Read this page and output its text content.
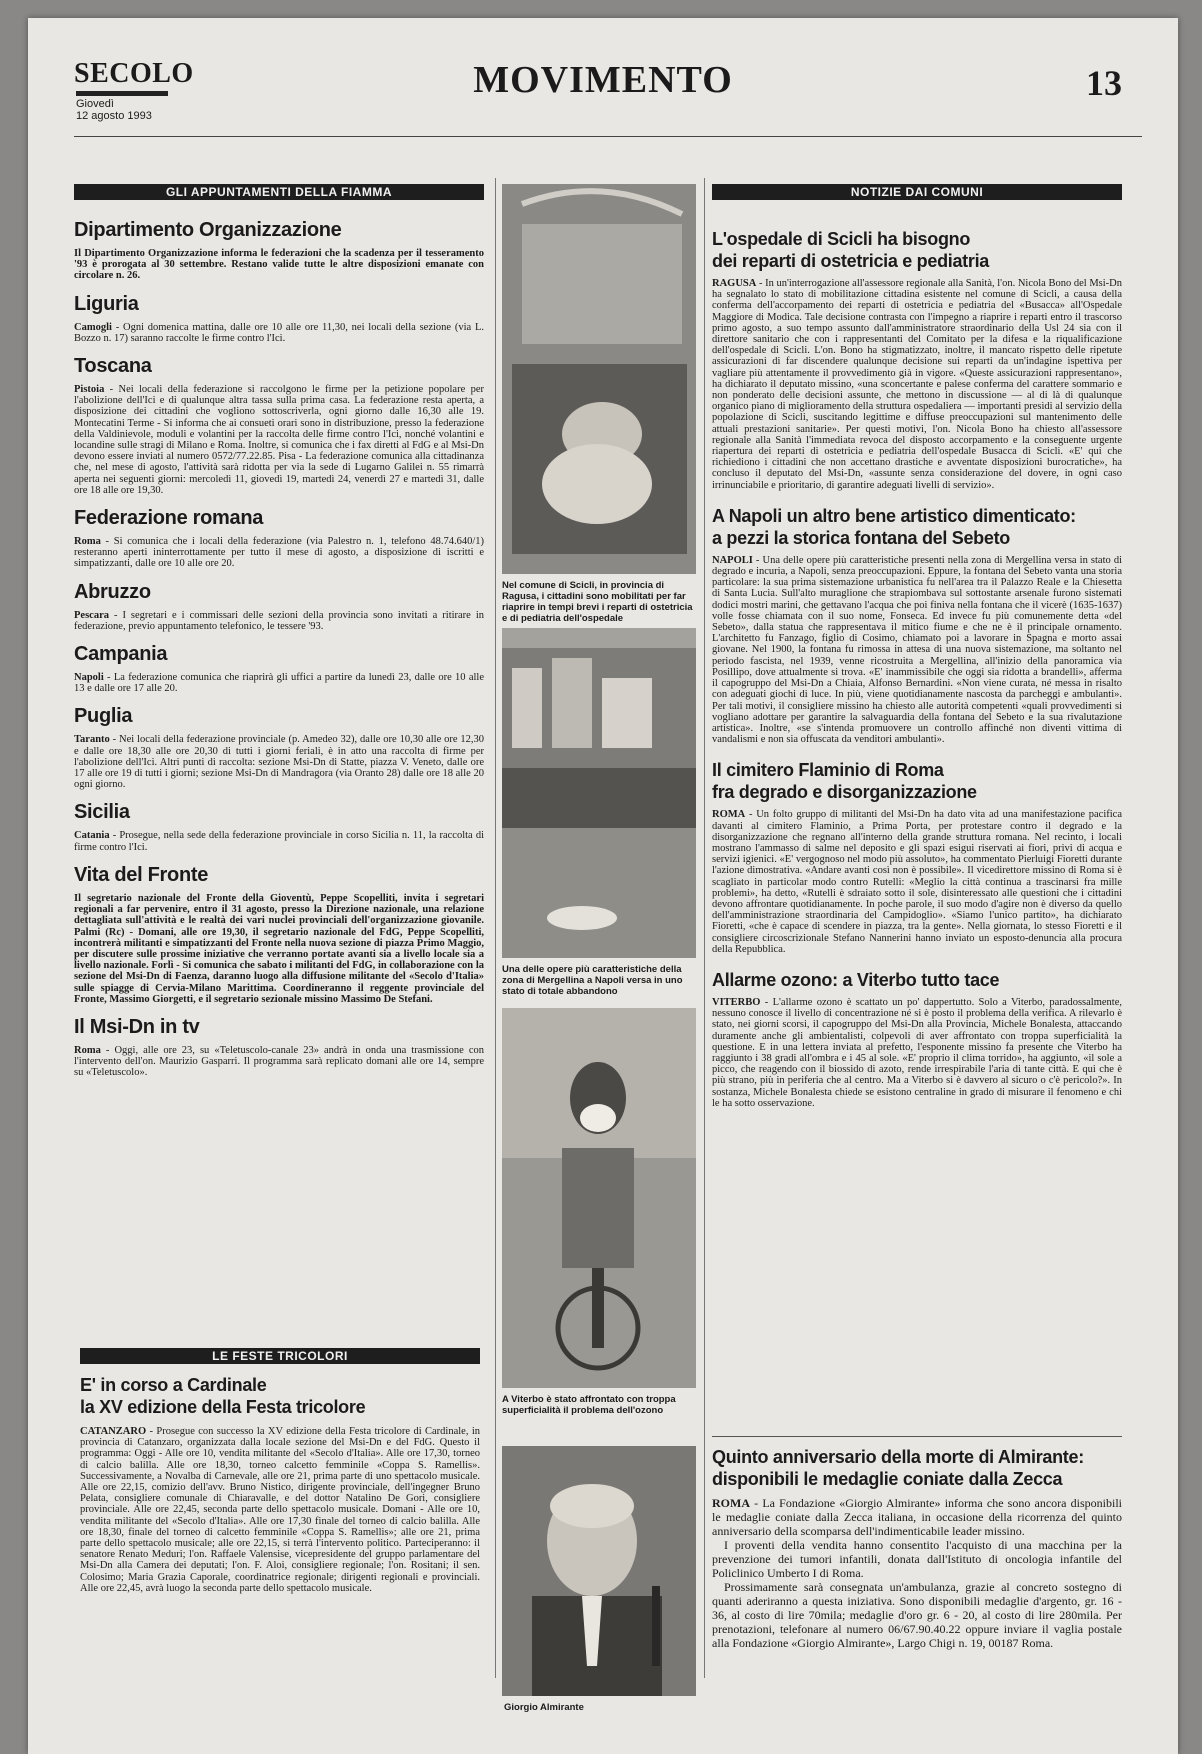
SECOLO
Giovedì
12 agosto 1993
MOVIMENTO	13
GLI APPUNTAMENTI DELLA FIAMMA
Dipartimento Organizzazione

Il Dipartimento Organizzazione informa le federazioni che la scadenza per il tesseramento '93 è prorogata al 30 settembre. Restano valide tutte le altre disposizioni emanate con circolare n. 26.

Liguria

Camogli - Ogni domenica mattina, dalle ore 10 alle ore 11,30, nei locali della sezione (via L. Bozzo n. 17) saranno raccolte le firme contro l'Ici.

Toscana

Pistoia - Nei locali della federazione si raccolgono le firme per la petizione popolare per l'abolizione dell'Ici e di qualunque altra tassa sulla prima casa. La federazione resta aperta, a disposizione dei cittadini che vogliono sottoscriverla, ogni giorno dalle 16,30 alle 19. Montecatini Terme - Si informa che ai consueti orari sono in distribuzione, presso la federazione della Valdinievole, moduli e volantini per la raccolta delle firme contro l'Ici, nonché volantini e locandine sulle stragi di Milano e Roma. Inoltre, si comunica che i fax diretti al FdG e al Msi-Dn devono essere inviati al numero 0572/77.22.85. Pisa - La federazione comunica alla cittadinanza che, nel mese di agosto, l'attività sarà ridotta per via la sede di Lugarno Galilei n. 55 rimarrà aperta nei seguenti giorni: mercoledì 11, giovedì 19, martedì 24, venerdì 27 e martedì 31, dalle ore 18 alle ore 19,30.

Federazione romana

Roma - Si comunica che i locali della federazione (via Palestro n. 1, telefono 48.74.640/1) resteranno aperti ininterrottamente per tutto il mese di agosto, a disposizione di iscritti e simpatizzanti, dalle ore 10 alle ore 20.

Abruzzo

Pescara - I segretari e i commissari delle sezioni della provincia sono invitati a ritirare in federazione, previo appuntamento telefonico, le tessere '93.

Campania

Napoli - La federazione comunica che riaprirà gli uffici a partire da lunedì 23, dalle ore 10 alle 13 e dalle ore 17 alle 20.

Puglia

Taranto - Nei locali della federazione provinciale (p. Amedeo 32), dalle ore 10,30 alle ore 12,30 e dalle ore 18,30 alle ore 20,30 di tutti i giorni feriali, è in atto una raccolta di firme per l'abolizione dell'Ici. Altri punti di raccolta: sezione Msi-Dn di Statte, piazza V. Veneto, dalle ore 17 alle ore 19 di tutti i giorni; sezione Msi-Dn di Mandragora (via Oranto 28) dalle ore 18 alle 20 ogni giorno.

Sicilia

Catania - Prosegue, nella sede della federazione provinciale in corso Sicilia n. 11, la raccolta di firme contro l'Ici.

Vita del Fronte

Il segretario nazionale del Fronte della Gioventù, Peppe Scopelliti, invita i segretari regionali a far pervenire, entro il 31 agosto, presso la Direzione nazionale, una relazione dettagliata sull'attività e le realtà dei vari nuclei provinciali dell'organizzazione giovanile. Palmi (Rc) - Domani, alle ore 19,30, il segretario nazionale del FdG, Peppe Scopelliti, incontrerà militanti e simpatizzanti del Fronte nella nuova sezione di piazza Primo Maggio, per discutere sulle prossime iniziative che verranno portate avanti sia a livello locale sia a livello nazionale. Forlì - Si comunica che sabato i militanti del FdG, in collaborazione con la sezione del Msi-Dn di Faenza, daranno luogo alla diffusione militante del «Secolo d'Italia» sulle spiagge di Cervia-Milano Marittima. Coordineranno il reggente provinciale del Fronte, Massimo Giorgetti, e il segretario sezionale missino Massimo De Stefani.

Il Msi-Dn in tv

Roma - Oggi, alle ore 23, su «Teletuscolo-canale 23» andrà in onda una trasmissione con l'intervento dell'on. Maurizio Gasparri. Il programma sarà replicato domani alle ore 14, sempre su «Teletuscolo».

LE FESTE TRICOLORI
E' in corso a Cardinale
la XV edizione della Festa tricolore

CATANZARO - Prosegue con successo la XV edizione della Festa tricolore di Cardinale, in provincia di Catanzaro, organizzata dalla locale sezione del Msi-Dn e del FdG. Questo il programma: Oggi - Alle ore 10, vendita militante del «Secolo d'Italia». Alle ore 17,30, torneo di calcio balilla. Alle ore 18,30, torneo calcetto femminile «Coppa S. Ramellis». Successivamente, a Novalba di Carnevale, alle ore 21, prima parte di uno spettacolo musicale. Alle ore 22,15, comizio dell'avv. Bruno Nistico, dirigente provinciale, dell'ingegner Bruno Pelata, consigliere comunale di Chiaravalle, e del dottor Natalino De Gori, consigliere provinciale. Alle ore 22,45, seconda parte dello spettacolo musicale. Domani - Alle ore 10, vendita militante del «Secolo d'Italia». Alle ore 17,30 finale del torneo di calcio balilla. Alle ore 18,30, finale del torneo di calcetto femminile «Coppa S. Ramellis»; alle ore 21, prima parte dello spettacolo musicale; alle ore 22,15, si terrà l'intervento politico. Parteciperanno: il senatore Renato Meduri; l'on. Raffaele Valensise, vicepresidente del gruppo parlamentare del Msi-Dn alla Camera dei deputati; l'on. F. Aloi, consigliere regionale; l'on. Rositani; il sen. Colosimo; Maria Grazia Caporale, coordinatrice regionale; dirigenti regionali e provinciali. Alle ore 22,45, avrà luogo la seconda parte dello spettacolo musicale.

Nel comune di Scicli, in provincia di Ragusa, i cittadini sono mobilitati per far riaprire in tempi brevi i reparti di ostetricia e di pediatria dell'ospedale
Una delle opere più caratteristiche della zona di Mergellina a Napoli versa in uno stato di totale abbandono
A Viterbo è stato affrontato con troppa superficialità il problema dell'ozono
NOTIZIE DAI COMUNI
L'ospedale di Scicli ha bisogno
dei reparti di ostetricia e pediatria

RAGUSA - In un'interrogazione all'assessore regionale alla Sanità, l'on. Nicola Bono del Msi-Dn ha segnalato lo stato di mobilitazione cittadina esistente nel comune di Scicli, a causa della conferma dell'accorpamento dei reparti di ostetricia e pediatria del «Busacca» all'Ospedale Maggiore di Modica. Tale decisione contrasta con l'impegno a riaprire i reparti entro il trascorso primo agosto, a suo tempo assunto dall'amministratore straordinario della Usl 24 sia con il direttore sanitario che con i rappresentanti del Comitato per la difesa e la riqualificazione dell'ospedale di Scicli. L'on. Bono ha stigmatizzato, inoltre, il mancato rispetto delle ripetute assicurazioni di far discendere qualunque decisione sui reparti da un'indagine ispettiva per vagliare più attentamente il provvedimento già in vigore. «Queste assicurazioni rappresentano», ha dichiarato il deputato missino, «una sconcertante e palese conferma del carattere sommario e non ponderato delle decisioni assunte, che mettono in discussione — al di là di qualunque organico piano di miglioramento della struttura ospedaliera — importanti presìdi al servizio della popolazione di Scicli, suscitando legittime e diffuse preoccupazioni sul mantenimento delle attuali prestazioni sanitarie». Per questi motivi, l'on. Nicola Bono ha chiesto all'assessore regionale alla Sanità l'immediata revoca del disposto accorpamento e la conseguente urgente riapertura dei reparti di ostetricia e pediatria dell'ospedale Busacca di Scicli. «E' qui che richiediono i cittadini che non accettano drastiche e avventate disposizioni burocratiche», ha concluso il deputato del Msi-Dn, «assunte senza considerazione del dovere, in ogni caso irrinunciabile e prioritario, di garantire adeguati livelli di servizio».

A Napoli un altro bene artistico dimenticato:
a pezzi la storica fontana del Sebeto

NAPOLI - Una delle opere più caratteristiche presenti nella zona di Mergellina versa in stato di degrado e incuria, a Napoli, senza preoccupazioni. Eppure, la fontana del Sebeto vanta una storia particolare: la sua prima sistemazione urbanistica fu nell'area tra il Palazzo Reale e la Chiesetta di Santa Lucia. Sull'alto muraglione che strapiombava sul sottostante arsenale furono sistemati dodici mostri marini, che gettavano l'acqua che poi finiva nella fontana che il vicerè (1635-1637) volle fosse chiamata con il suo nome, Fonseca. Ed invece fu più comunemente detta «del Sebeto», dalla statua che rappresentava il mitico fiume e che ne è il principale ornamento. L'architetto fu Fanzago, figlio di Cosimo, chiamato poi a lavorare in Spagna e morto assai giovane. Nel 1900, la fontana fu rimossa in attesa di una nuova sistemazione, ma soltanto nel periodo fascista, nel 1939, venne ricostruita a Mergellina, all'inizio della panoramica via Posillipo, dove attualmente si trova. «E' inammissibile che oggi sia ridotta a brandelli», afferma il capogruppo del Msi-Dn a Chiaia, Alfonso Bernardini. «Non viene curata, né messa in risalto con adeguati giochi di luce. In più, viene quotidianamente nascosta da parcheggi e ambulanti». Per tali motivi, il consigliere missino ha chiesto alle autorità competenti «quali provvedimenti si vogliano adottare per garantire la salvaguardia della fontana del Sebeto e la sua rivalutazione artistica». Inoltre, «se s'intenda promuovere un controllo affinché non diventi vittima di vandalismi e non sia offuscata da venditori ambulanti».

Il cimitero Flaminio di Roma
fra degrado e disorganizzazione

ROMA - Un folto gruppo di militanti del Msi-Dn ha dato vita ad una manifestazione pacifica davanti al cimitero Flaminio, a Prima Porta, per protestare contro il degrado e la disorganizzazione che regnano all'interno della grande struttura romana. Nel recinto, i locali mostrano l'ammasso di salme nel deposito e gli spazi esigui riservati ai fiori, privi di acqua e servizi igienici. «E' vergognoso nel modo più assoluto», ha commentato Pierluigi Fioretti durante l'azione dimostrativa. «Andare avanti così non è possibile». Il vicedirettore missino di Roma si è scagliato in particolar modo contro Rutelli: «Meglio la città continua a trascinarsi fra mille problemi», ha detto, «Rutelli è sdraiato sotto il sole, disinteressato alle questioni che i cittadini devono affrontare quotidianamente. In poche parole, il suo modo d'agire non è diverso da quello dell'amministrazione straordinaria del Campidoglio». «Siamo l'unico partito», ha dichiarato Fioretti, «che è capace di scendere in piazza, tra la gente». Nella giornata, lo stesso Fioretti e il consigliere circoscrizionale Stefano Nannerini hanno inviato un esposto-denuncia alla procura della Repubblica.

Allarme ozono: a Viterbo tutto tace

VITERBO - L'allarme ozono è scattato un po' dappertutto. Solo a Viterbo, paradossalmente, nessuno conosce il livello di concentrazione né si è posto il problema della verifica. A rilevarlo è stato, nei giorni scorsi, il capogruppo del Msi-Dn alla Provincia, Michele Bonalesta, attaccando duramente anche gli ambientalisti, colpevoli di aver affrontato con troppa superficialità la questione. E in una lettera inviata al prefetto, l'esponente missino fa presente che Viterbo ha raggiunto i 38 gradi all'ombra e i 45 al sole. «E' proprio il clima torrido», ha aggiunto, «il sole a picco, che reagendo con il biossido di azoto, rende irrespirabile l'aria di tante città. E qui che è più strano, più in periferia che al centro. Ma a Viterbo si è davvero al sicuro o c'è pericolo?». In sostanza, Michele Bonalesta chiede se esistono centraline in grado di misurare il fenomeno e chi le ha sotto osservazione.

Giorgio Almirante
Quinto anniversario della morte di Almirante:
disponibili le medaglie coniate dalla Zecca

ROMA - La Fondazione «Giorgio Almirante» informa che sono ancora disponibili le medaglie coniate dalla Zecca italiana, in occasione della ricorrenza del quinto anniversario della scomparsa dell'indimenticabile leader missino.

I proventi della vendita hanno consentito l'acquisto di una macchina per la prevenzione dei tumori infantili, donata dall'Istituto di oncologia infantile del Policlinico Umberto I di Roma.

Prossimamente sarà consegnata un'ambulanza, grazie al concreto sostegno di quanti aderiranno a questa iniziativa. Sono disponibili medaglie d'argento, gr. 16 - 36, al costo di lire 70mila; medaglie d'oro gr. 6 - 20, al costo di lire 280mila. Per prenotazioni, telefonare al numero 06/67.90.40.22 oppure inviare il vaglia postale alla Fondazione «Giorgio Almirante», Largo Chigi n. 19, 00187 Roma.
